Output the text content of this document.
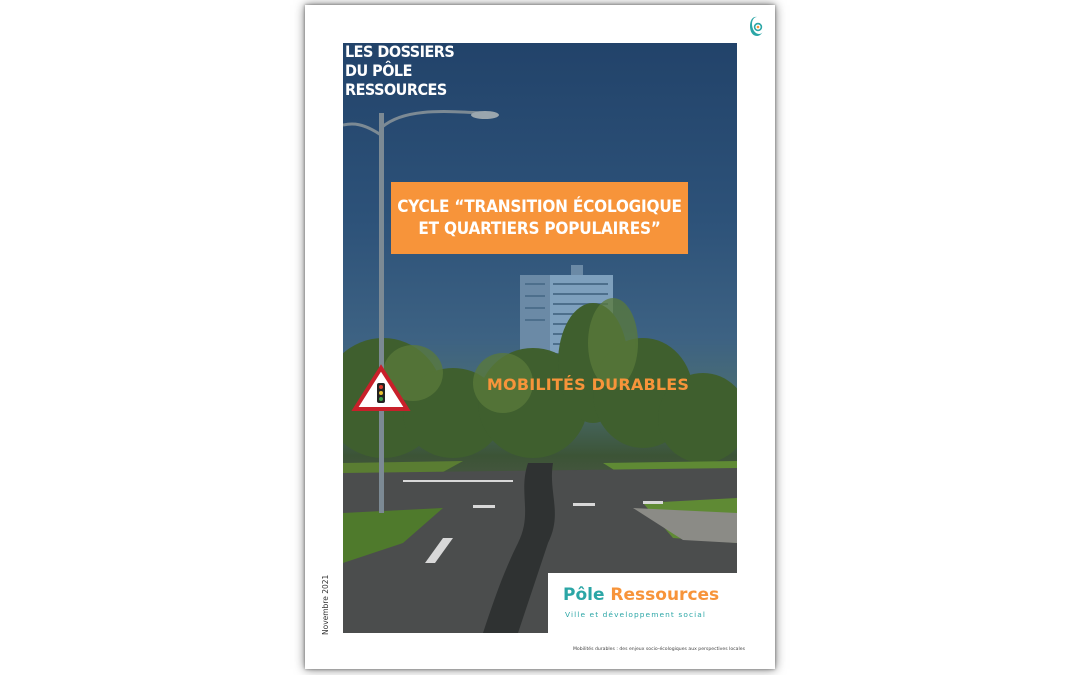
LES DOSSIERS
DU PÔLE
RESSOURCES
CYCLE “TRANSITION ÉCOLOGIQUE
ET QUARTIERS POPULAIRES”
MOBILITÉS DURABLES
Pôle Ressources
Ville et développement social
Novembre 2021
Mobilités durables : des enjeux socio-écologiques aux perspectives locales
